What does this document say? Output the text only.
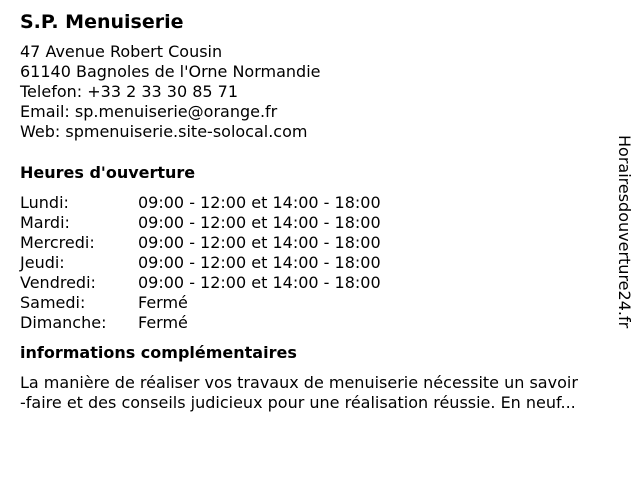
S.P. Menuiserie
47 Avenue Robert Cousin
61140 Bagnoles de l'Orne Normandie
Telefon: +33 2 33 30 85 71
Email: sp.menuiserie@orange.fr
Web: spmenuiserie.site-solocal.com
Heures d'ouverture
Lundi:	09:00 - 12:00 et 14:00 - 18:00
Mardi:	09:00 - 12:00 et 14:00 - 18:00
Mercredi:	09:00 - 12:00 et 14:00 - 18:00
Jeudi:	09:00 - 12:00 et 14:00 - 18:00
Vendredi:	09:00 - 12:00 et 14:00 - 18:00
Samedi:	Fermé
Dimanche:	Fermé
informations complémentaires
La manière de réaliser vos travaux de menuiserie nécessite un savoir
-faire et des conseils judicieux pour une réalisation réussie. En neuf...
Horairesdouverture24.fr
